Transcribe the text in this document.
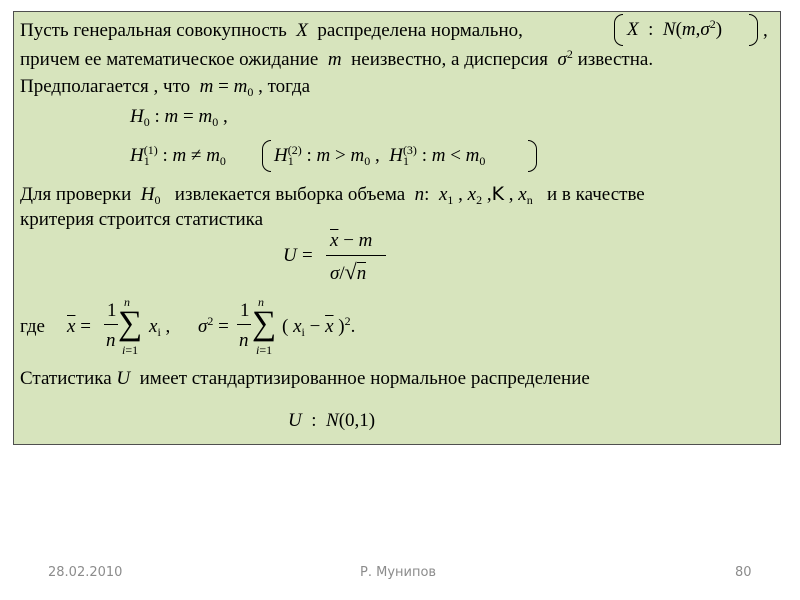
Пусть генеральная совокупность X распределена нормально,	X  :  $N(m,\sigma^2)$ ,
причем ее математическое ожидание m неизвестно, а дисперсия $\sigma^2$ известна.
Предполагается , что $m = m_0$ , тогда
$H_0$ : $m = m_0$ ,
$H_1^{(1)}$ : $m \ne m_0$	$H_1^{(2)}$ : $m > m_0$ ,  $H_1^{(3)}$ : $m < m_0$
Для проверки $H_0$ извлекается выборка объема n:  $x_1$ , $x_2$ ,K , $x_n$ и в качестве
критерия строится статистика
U =
$\overline{x} - m$
σ/√n
где $\overline{x}$ =
1
n
n
∑
i=1
$x_i$ , $\sigma^2$ =
1
n
n
∑
i=1
( $x_i - \overline{x}$ )$^2$.
Статистика U имеет стандартизированное нормальное распределение
U  :  N(0,1)
28.02.2010	Р. Мунипов	80
